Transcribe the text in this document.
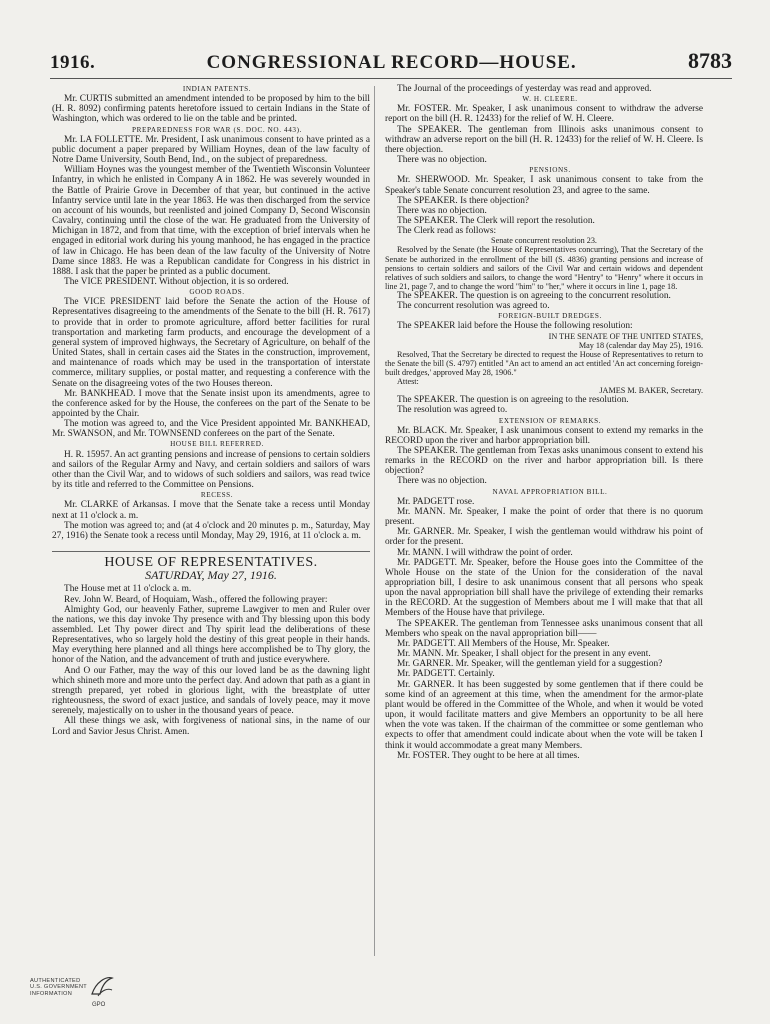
1916.	CONGRESSIONAL RECORD—HOUSE.	8783

INDIAN PATENTS.

Mr. CURTIS submitted an amendment intended to be proposed by him to the bill (H. R. 8092) confirming patents heretofore issued to certain Indians in the State of Washington, which was ordered to lie on the table and be printed.

PREPAREDNESS FOR WAR (S. DOC. NO. 443).

Mr. LA FOLLETTE. Mr. President, I ask unanimous consent to have printed as a public document a paper prepared by William Hoynes, dean of the law faculty of Notre Dame University, South Bend, Ind., on the subject of preparedness.

William Hoynes was the youngest member of the Twentieth Wisconsin Volunteer Infantry, in which he enlisted in Company A in 1862. He was severely wounded in the Battle of Prairie Grove in December of that year, but continued in the active Infantry service until late in the year 1863. He was then discharged from the service on account of his wounds, but reenlisted and joined Company D, Second Wisconsin Cavalry, continuing until the close of the war. He graduated from the University of Michigan in 1872, and from that time, with the exception of brief intervals when he engaged in editorial work during his young manhood, he has engaged in the practice of law in Chicago. He has been dean of the law faculty of the University of Notre Dame since 1883. He was a Republican candidate for Congress in his district in 1888. I ask that the paper be printed as a public document.

The VICE PRESIDENT. Without objection, it is so ordered.

GOOD ROADS.

The VICE PRESIDENT laid before the Senate the action of the House of Representatives disagreeing to the amendments of the Senate to the bill (H. R. 7617) to provide that in order to promote agriculture, afford better facilities for rural transportation and marketing farm products, and encourage the development of a general system of improved highways, the Secretary of Agriculture, on behalf of the United States, shall in certain cases aid the States in the construction, improvement, and maintenance of roads which may be used in the transportation of interstate commerce, military supplies, or postal matter, and requesting a conference with the Senate on the disagreeing votes of the two Houses thereon.

Mr. BANKHEAD. I move that the Senate insist upon its amendments, agree to the conference asked for by the House, the conferees on the part of the Senate to be appointed by the Chair.

The motion was agreed to, and the Vice President appointed Mr. BANKHEAD, Mr. SWANSON, and Mr. TOWNSEND conferees on the part of the Senate.

HOUSE BILL REFERRED.

H. R. 15957. An act granting pensions and increase of pensions to certain soldiers and sailors of the Regular Army and Navy, and certain soldiers and sailors of wars other than the Civil War, and to widows of such soldiers and sailors, was read twice by its title and referred to the Committee on Pensions.

RECESS.

Mr. CLARKE of Arkansas. I move that the Senate take a recess until Monday next at 11 o'clock a. m.

The motion was agreed to; and (at 4 o'clock and 20 minutes p. m., Saturday, May 27, 1916) the Senate took a recess until Monday, May 29, 1916, at 11 o'clock a. m.

HOUSE OF REPRESENTATIVES.
SATURDAY, May 27, 1916.

The House met at 11 o'clock a. m.

Rev. John W. Beard, of Hoquiam, Wash., offered the following prayer:

Almighty God, our heavenly Father, supreme Lawgiver to men and Ruler over the nations, we this day invoke Thy presence with and Thy blessing upon this body assembled. Let Thy power direct and Thy spirit lead the deliberations of these Representatives, who so largely hold the destiny of this great people in their hands. May everything here planned and all things here accomplished be to Thy glory, the honor of the Nation, and the advancement of truth and justice everywhere.

And O our Father, may the way of this our loved land be as the dawning light which shineth more and more unto the perfect day. And adown that path as a giant in strength prepared, yet robed in glorious light, with the breastplate of utter righteousness, the sword of exact justice, and sandals of lovely peace, may it move serenely, majestically on to usher in the thousand years of peace.

All these things we ask, with forgiveness of national sins, in the name of our Lord and Savior Jesus Christ. Amen.

The Journal of the proceedings of yesterday was read and approved.

W. H. CLEERE.

Mr. FOSTER. Mr. Speaker, I ask unanimous consent to withdraw the adverse report on the bill (H. R. 12433) for the relief of W. H. Cleere.

The SPEAKER. The gentleman from Illinois asks unanimous consent to withdraw an adverse report on the bill (H. R. 12433) for the relief of W. H. Cleere. Is there objection.

There was no objection.

PENSIONS.

Mr. SHERWOOD. Mr. Speaker, I ask unanimous consent to take from the Speaker's table Senate concurrent resolution 23, and agree to the same.

The SPEAKER. Is there objection?

There was no objection.

The SPEAKER. The Clerk will report the resolution.

The Clerk read as follows:

Senate concurrent resolution 23.

Resolved by the Senate (the House of Representatives concurring), That the Secretary of the Senate be authorized in the enrollment of the bill (S. 4836) granting pensions and increase of pensions to certain soldiers and sailors of the Civil War and certain widows and dependent relatives of such soldiers and sailors, to change the word "Hentry" to "Henry" where it occurs in line 21, page 7, and to change the word "him" to "her," where it occurs in line 1, page 18.

The SPEAKER. The question is on agreeing to the concurrent resolution.

The concurrent resolution was agreed to.

FOREIGN-BUILT DREDGES.

The SPEAKER laid before the House the following resolution:

IN THE SENATE OF THE UNITED STATES,

May 18 (calendar day May 25), 1916.

Resolved, That the Secretary be directed to request the House of Representatives to return to the Senate the bill (S. 4797) entitled "An act to amend an act entitled 'An act concerning foreign-built dredges,' approved May 28, 1906."

Attest:

JAMES M. BAKER, Secretary.

The SPEAKER. The question is on agreeing to the resolution.

The resolution was agreed to.

EXTENSION OF REMARKS.

Mr. BLACK. Mr. Speaker, I ask unanimous consent to extend my remarks in the RECORD upon the river and harbor appropriation bill.

The SPEAKER. The gentleman from Texas asks unanimous consent to extend his remarks in the RECORD on the river and harbor appropriation bill. Is there objection?

There was no objection.

NAVAL APPROPRIATION BILL.

Mr. PADGETT rose.

Mr. MANN. Mr. Speaker, I make the point of order that there is no quorum present.

Mr. GARNER. Mr. Speaker, I wish the gentleman would withdraw his point of order for the present.

Mr. MANN. I will withdraw the point of order.

Mr. PADGETT. Mr. Speaker, before the House goes into the Committee of the Whole House on the state of the Union for the consideration of the naval appropriation bill, I desire to ask unanimous consent that all persons who speak upon the naval appropriation bill shall have the privilege of extending their remarks in the RECORD. At the suggestion of Members about me I will make that that all Members of the House have that privilege.

The SPEAKER. The gentleman from Tennessee asks unanimous consent that all Members who speak on the naval appropriation bill——

Mr. PADGETT. All Members of the House, Mr. Speaker.

Mr. MANN. Mr. Speaker, I shall object for the present in any event.

Mr. GARNER. Mr. Speaker, will the gentleman yield for a suggestion?

Mr. PADGETT. Certainly.

Mr. GARNER. It has been suggested by some gentlemen that if there could be some kind of an agreement at this time, when the amendment for the armor-plate plant would be offered in the Committee of the Whole, and when it would be voted upon, it would facilitate matters and give Members an opportunity to be all here when the vote was taken. If the chairman of the committee or some gentleman who expects to offer that amendment could indicate about when the vote will be taken I think it would accommodate a great many Members.

Mr. FOSTER. They ought to be here at all times.

AUTHENTICATED
U.S. GOVERNMENT
INFORMATION
GPO
